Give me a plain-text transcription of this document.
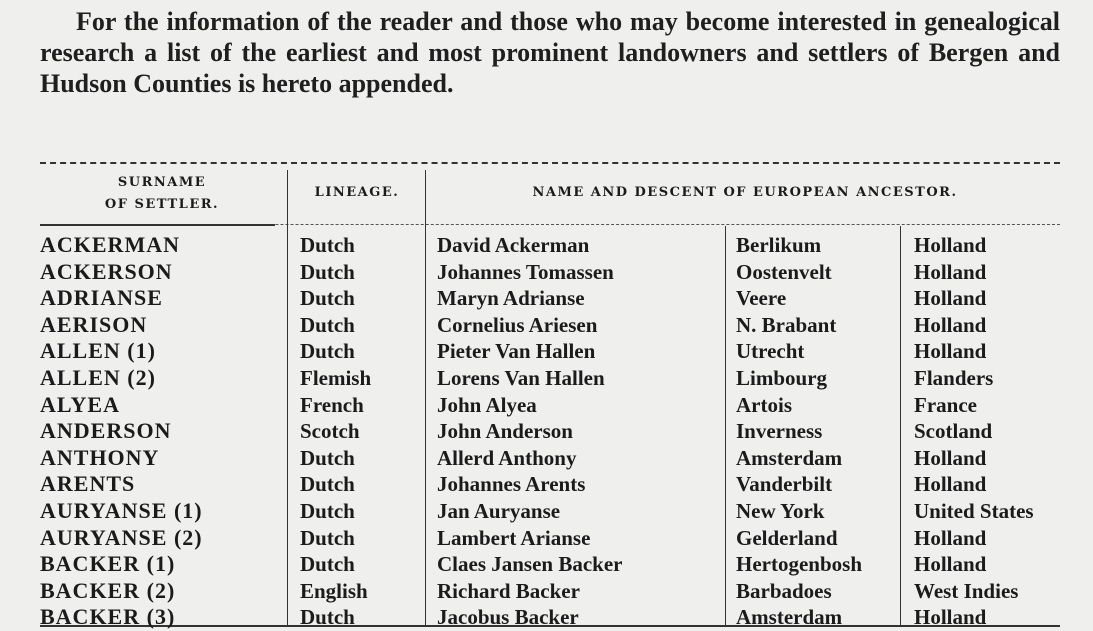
For the information of the reader and those who may become interested in genealogical research a list of the earliest and most prominent landowners and settlers of Bergen and Hudson Counties is hereto appended.

SURNAME
OF SETTLER.
LINEAGE.	NAME AND DESCENT OF EUROPEAN ANCESTOR.
ACKERMAN	Dutch	David Ackerman	Berlikum	Holland
ACKERSON	Dutch	Johannes Tomassen	Oostenvelt	Holland
ADRIANSE	Dutch	Maryn Adrianse	Veere	Holland
AERISON	Dutch	Cornelius Ariesen	N. Brabant	Holland
ALLEN (1)	Dutch	Pieter Van Hallen	Utrecht	Holland
ALLEN (2)	Flemish	Lorens Van Hallen	Limbourg	Flanders
ALYEA	French	John Alyea	Artois	France
ANDERSON	Scotch	John Anderson	Inverness	Scotland
ANTHONY	Dutch	Allerd Anthony	Amsterdam	Holland
ARENTS	Dutch	Johannes Arents	Vanderbilt	Holland
AURYANSE (1)	Dutch	Jan Auryanse	New York	United States
AURYANSE (2)	Dutch	Lambert Arianse	Gelderland	Holland
BACKER (1)	Dutch	Claes Jansen Backer	Hertogenbosh Holland
BACKER (2)	English	Richard Backer	Barbadoes	West Indies
BACKER (3)	Dutch	Jacobus Backer	Amsterdam	Holland
